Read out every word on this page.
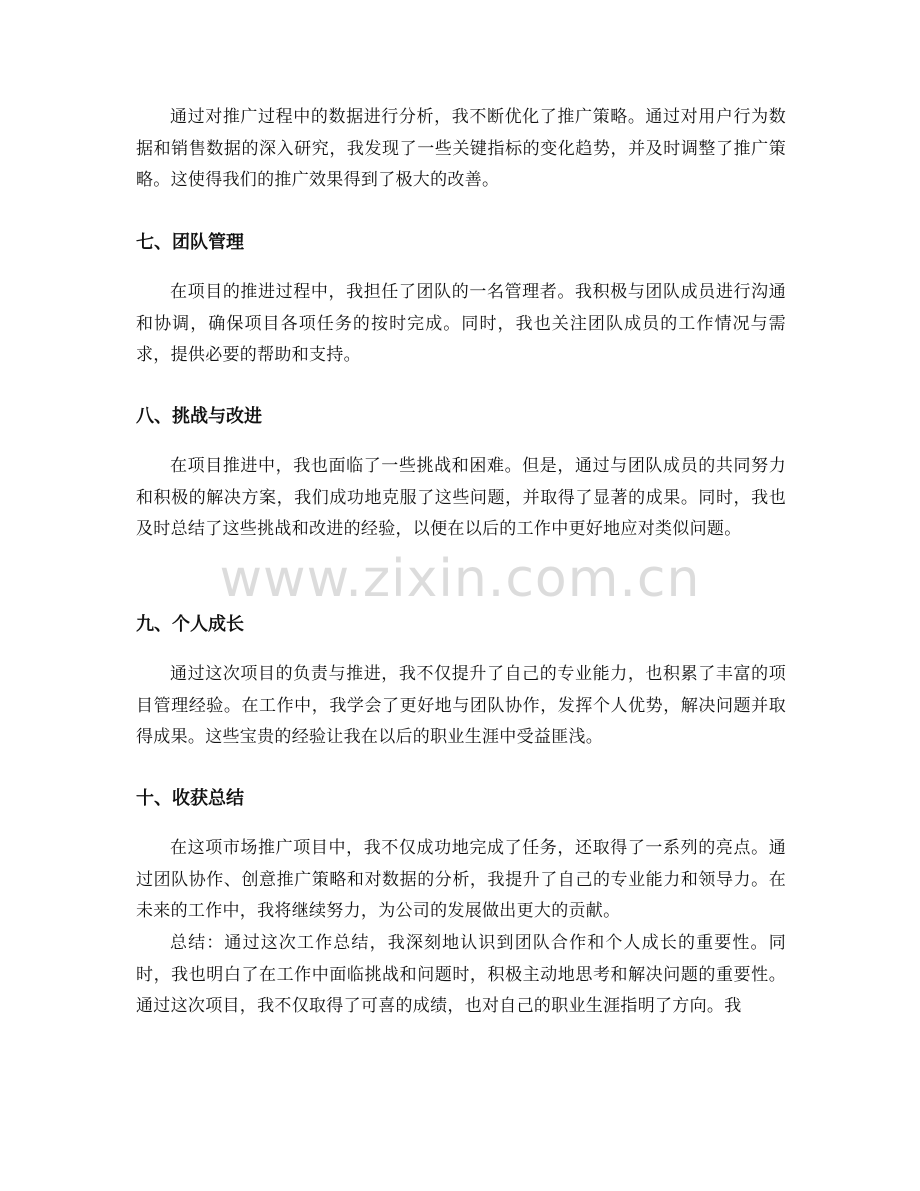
通过对推广过程中的数据进行分析，我不断优化了推广策略。通过对用户行为数据和销售数据的深入研究，我发现了一些关键指标的变化趋势，并及时调整了推广策略。这使得我们的推广效果得到了极大的改善。

七、团队管理

在项目的推进过程中，我担任了团队的一名管理者。我积极与团队成员进行沟通和协调，确保项目各项任务的按时完成。同时，我也关注团队成员的工作情况与需求，提供必要的帮助和支持。

八、挑战与改进

在项目推进中，我也面临了一些挑战和困难。但是，通过与团队成员的共同努力和积极的解决方案，我们成功地克服了这些问题，并取得了显著的成果。同时，我也及时总结了这些挑战和改进的经验，以便在以后的工作中更好地应对类似问题。

九、个人成长

通过这次项目的负责与推进，我不仅提升了自己的专业能力，也积累了丰富的项目管理经验。在工作中，我学会了更好地与团队协作，发挥个人优势，解决问题并取得成果。这些宝贵的经验让我在以后的职业生涯中受益匪浅。

十、收获总结

在这项市场推广项目中，我不仅成功地完成了任务，还取得了一系列的亮点。通过团队协作、创意推广策略和对数据的分析，我提升了自己的专业能力和领导力。在未来的工作中，我将继续努力，为公司的发展做出更大的贡献。

总结：通过这次工作总结，我深刻地认识到团队合作和个人成长的重要性。同时，我也明白了在工作中面临挑战和问题时，积极主动地思考和解决问题的重要性。通过这次项目，我不仅取得了可喜的成绩，也对自己的职业生涯指明了方向。我

www.zixin.com.cn
